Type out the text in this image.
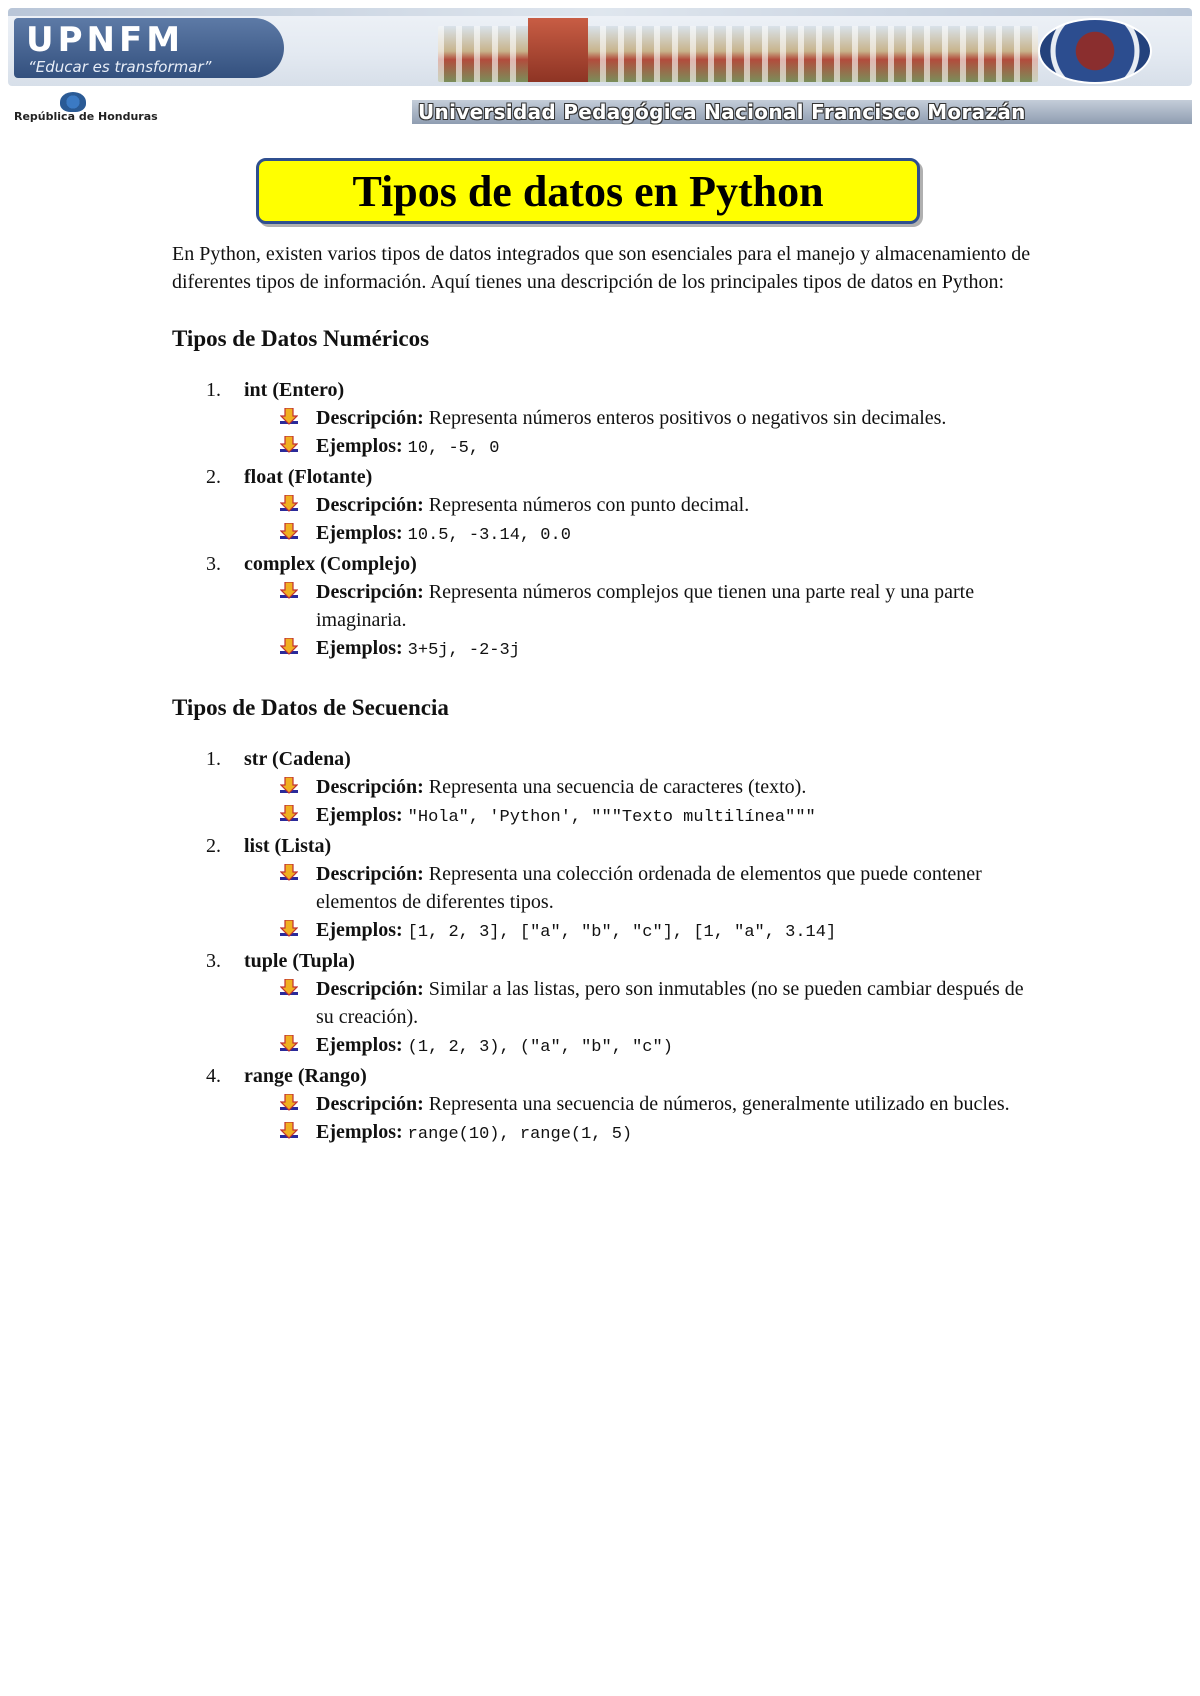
UPNFM
“Educar es transformar”
República de Honduras	Universidad Pedagógica Nacional Francisco Morazán
Tipos de datos en Python

En Python, existen varios tipos de datos integrados que son esenciales para el manejo y almacenamiento de diferentes tipos de información. Aquí tienes una descripción de los principales tipos de datos en Python:

Tipos de Datos Numéricos
1. int (Entero)
Descripción: Representa números enteros positivos o negativos sin decimales.
Ejemplos: 10, -5, 0
2. float (Flotante)
Descripción: Representa números con punto decimal.
Ejemplos: 10.5, -3.14, 0.0
3. complex (Complejo)
Descripción: Representa números complejos que tienen una parte real y una parte imaginaria.
Ejemplos: 3+5j, -2-3j
Tipos de Datos de Secuencia
1. str (Cadena)
Descripción: Representa una secuencia de caracteres (texto).
Ejemplos: "Hola", 'Python', """Texto multilínea"""
2. list (Lista)
Descripción: Representa una colección ordenada de elementos que puede contener elementos de diferentes tipos.
Ejemplos: [1, 2, 3], ["a", "b", "c"], [1, "a", 3.14]
3. tuple (Tupla)
Descripción: Similar a las listas, pero son inmutables (no se pueden cambiar después de su creación).
Ejemplos: (1, 2, 3), ("a", "b", "c")
4. range (Rango)
Descripción: Representa una secuencia de números, generalmente utilizado en bucles.
Ejemplos: range(10), range(1, 5)
